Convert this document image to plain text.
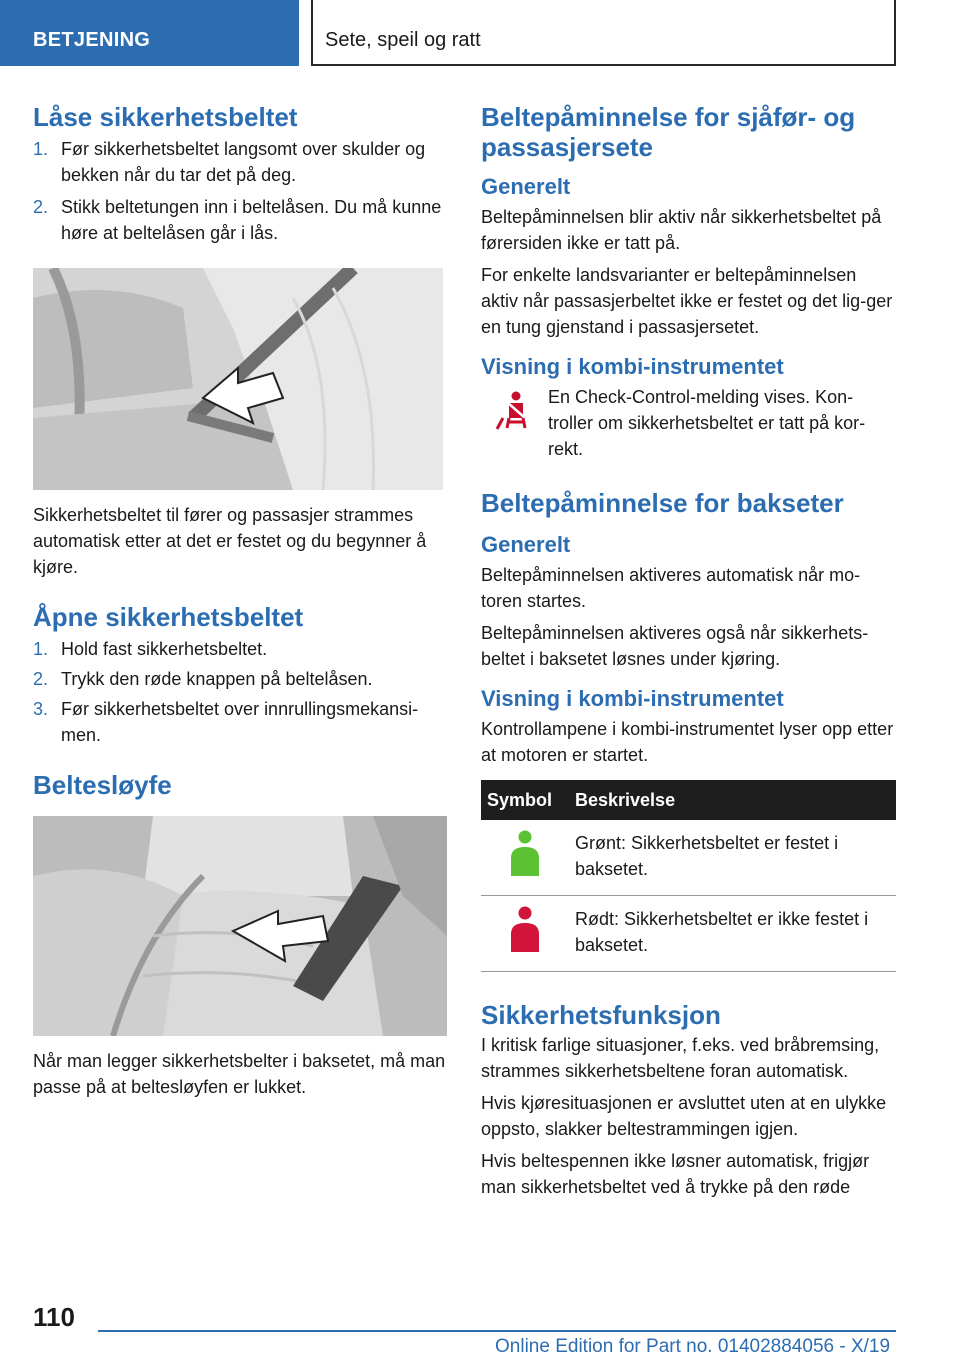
BETJENING	Sete, speil og ratt
Låse sikkerhetsbeltet
1. Før sikkerhetsbeltet langsomt over skulder og bekken når du tar det på deg.
2. Stikk beltetungen inn i beltelåsen. Du må kunne høre at beltelåsen går i lås.

Sikkerhetsbeltet til fører og passasjer strammes automatisk etter at det er festet og du begynner å kjøre.

Åpne sikkerhetsbeltet
1. Hold fast sikkerhetsbeltet.
2. Trykk den røde knappen på beltelåsen.
3. Før sikkerhetsbeltet over innrullingsmekansi-men.
Beltesløyfe

Når man legger sikkerhetsbelter i baksetet, må man passe på at beltesløyfen er lukket.

Beltepåminnelse for sjåfør- og passasjersete
Generelt

Beltepåminnelsen blir aktiv når sikkerhetsbeltet på førersiden ikke er tatt på.

For enkelte landsvarianter er beltepåminnelsen aktiv når passasjerbeltet ikke er festet og det lig-ger en tung gjenstand i passasjersetet.

Visning i kombi-instrumentet

En Check-Control-melding vises. Kon-troller om sikkerhetsbeltet er tatt på kor-rekt.

Beltepåminnelse for bakseter
Generelt

Beltepåminnelsen aktiveres automatisk når mo-toren startes.

Beltepåminnelsen aktiveres også når sikkerhets-beltet i baksetet løsnes under kjøring.

Visning i kombi-instrumentet

Kontrollampene i kombi-instrumentet lyser opp etter at motoren er startet.

Symbol	Beskrivelse
	Grønt: Sikkerhetsbeltet er festet i baksetet.
	Rødt: Sikkerhetsbeltet er ikke festet i baksetet.
Sikkerhetsfunksjon

I kritisk farlige situasjoner, f.eks. ved bråbremsing, strammes sikkerhetsbeltene foran automatisk.

Hvis kjøresituasjonen er avsluttet uten at en ulykke oppsto, slakker beltestrammingen igjen.

Hvis beltespennen ikke løsner automatisk, frigjør man sikkerhetsbeltet ved å trykke på den røde

110
Online Edition for Part no. 01402884056 - X/19
